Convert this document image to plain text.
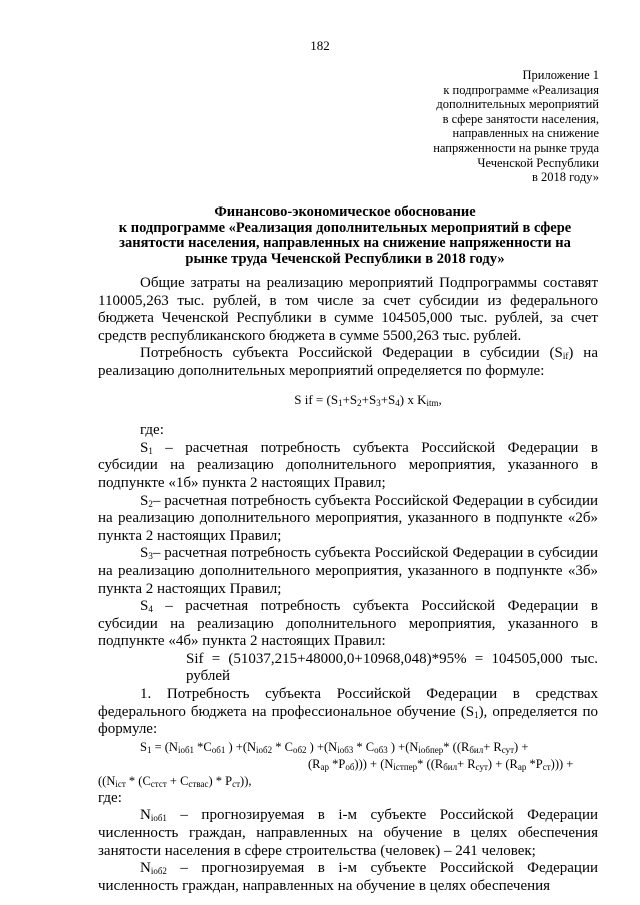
182
Приложение 1
к подпрограмме «Реализация
дополнительных мероприятий
в сфере занятости населения,
направленных на снижение
напряженности на рынке труда
Чеченской Республики
в 2018 году»
Финансово-экономическое обоснование
к подпрограмме «Реализация дополнительных мероприятий в сфере
занятости населения, направленных на снижение напряженности на
рынке труда Чеченской Республики в 2018 году»

Общие затраты на реализацию мероприятий Подпрограммы составят 110005,263 тыс. рублей, в том числе за счет субсидии из федерального бюджета Чеченской Республики в сумме 104505,000 тыс. рублей, за счет средств республиканского бюджета в сумме 5500,263 тыс. рублей.

Потребность субъекта Российской Федерации в субсидии $(S_{if})$ на реализацию дополнительных мероприятий определяется по формуле:

S if = $(S_1+S_2+S_3+S_4)$ x $K_{itm}$,

где:

$S_1$ – расчетная потребность субъекта Российской Федерации в субсидии на реализацию дополнительного мероприятия, указанного в подпункте «1б» пункта 2 настоящих Правил;

$S_2-$ расчетная потребность субъекта Российской Федерации в субсидии на реализацию дополнительного мероприятия, указанного в подпункте «2б» пункта 2 настоящих Правил;

$S_3-$ расчетная потребность субъекта Российской Федерации в субсидии на реализацию дополнительного мероприятия, указанного в подпункте «3б» пункта 2 настоящих Правил;

$S_4$ – расчетная потребность субъекта Российской Федерации в субсидии на реализацию дополнительного мероприятия, указанного в подпункте «4б» пункта 2 настоящих Правил:

Sif = (51037,215+48000,0+10968,048)*95% = 104505,000 тыс. рублей

1. Потребность субъекта Российской Федерации в средствах федерального бюджета на профессиональное обучение $(S_1)$, определяется по формуле:

$S_1 = (N_{iоб1}$ $*C_{об1}$ ) $+(N_{iоб2} * C_{об2}$ ) $+(N_{iоб3} * C_{об3}$ ) $+(N_{iобпер}*$ ($(R_{бил}+ R_{сут})$ +
($R_{ар}$ $*P_{об}))) + (N_{iстпер}*$ ($(R_{бил}+ R_{сут}) + (R_{ар}$ $*P_{ст}$))) +
$((N_{iст} * (C_{стст} + C_{ствас}) * P_{ст}))$,

где:

$N_{iоб1}$ – прогнозируемая в i-м субъекте Российской Федерации численность граждан, направленных на обучение в целях обеспечения занятости населения в сфере строительства (человек) – 241 человек;

$N_{iоб2}$ – прогнозируемая в i-м субъекте Российской Федерации численность граждан, направленных на обучение в целях обеспечения
